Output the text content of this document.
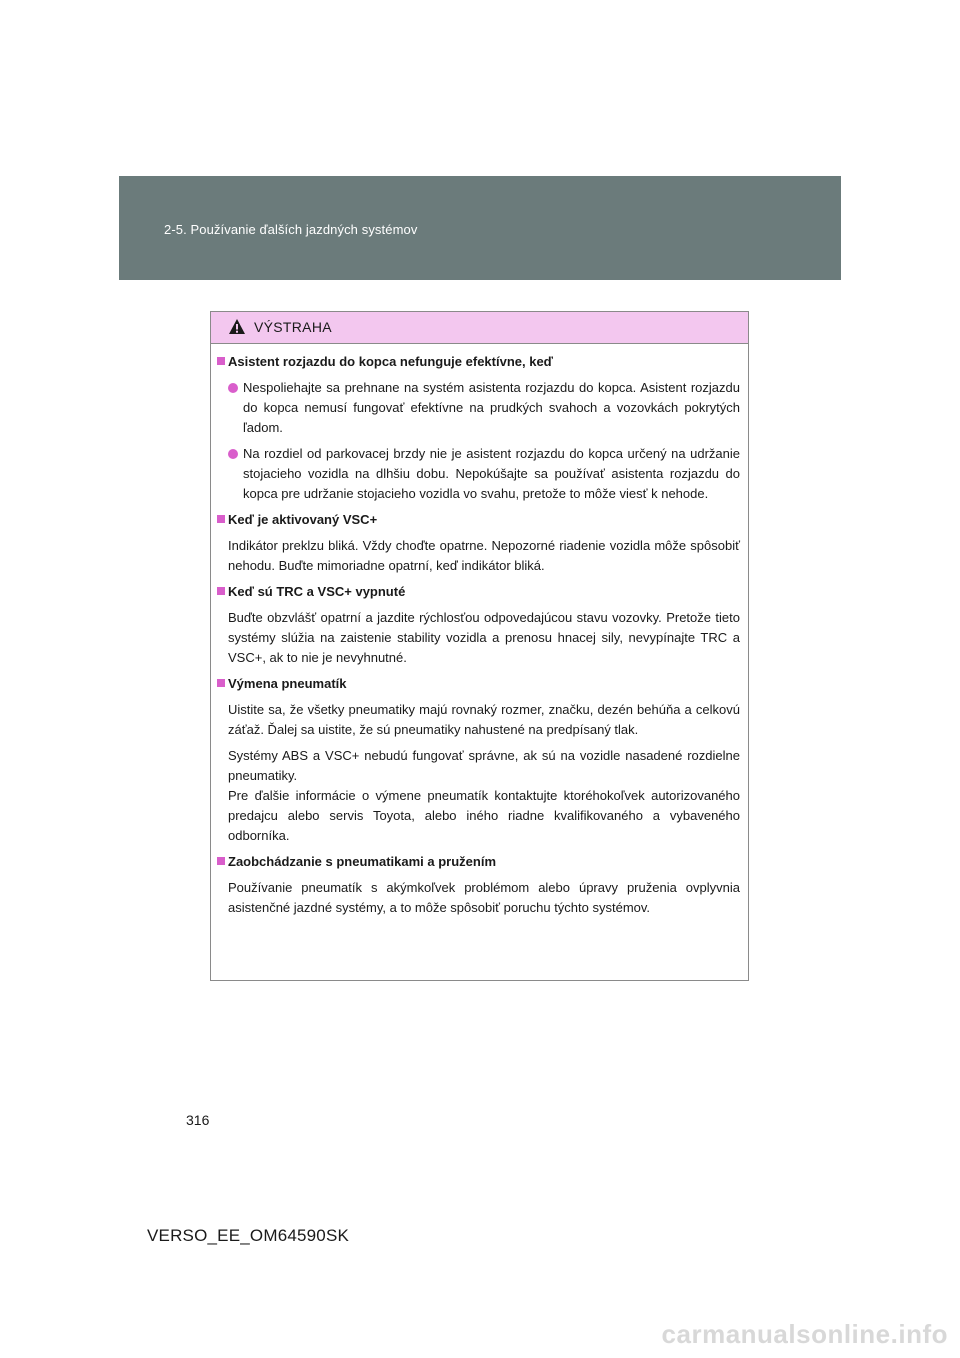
2-5. Používanie ďalších jazdných systémov
VÝSTRAHA
Asistent rozjazdu do kopca nefunguje efektívne, keď
Nespoliehajte sa prehnane na systém asistenta rozjazdu do kopca. Asistent rozjazdu do kopca nemusí fungovať efektívne na prudkých svahoch a vozovkách pokrytých ľadom.
Na rozdiel od parkovacej brzdy nie je asistent rozjazdu do kopca určený na udržanie stojacieho vozidla na dlhšiu dobu. Nepokúšajte sa používať asistenta rozjazdu do kopca pre udržanie stojacieho vozidla vo svahu, pretože to môže viesť k nehode.
Keď je aktivovaný VSC+
Indikátor preklzu bliká. Vždy choďte opatrne. Nepozorné riadenie vozidla môže spôsobiť nehodu. Buďte mimoriadne opatrní, keď indikátor bliká.
Keď sú TRC a VSC+ vypnuté
Buďte obzvlášť opatrní a jazdite rýchlosťou odpovedajúcou stavu vozovky. Pretože tieto systémy slúžia na zaistenie stability vozidla a prenosu hnacej sily, nevypínajte TRC a VSC+, ak to nie je nevyhnutné.
Výmena pneumatík
Uistite sa, že všetky pneumatiky majú rovnaký rozmer, značku, dezén behúňa a celkovú záťaž. Ďalej sa uistite, že sú pneumatiky nahustené na predpísaný tlak.
Systémy ABS a VSC+ nebudú fungovať správne, ak sú na vozidle nasadené rozdielne pneumatiky.
Pre ďalšie informácie o výmene pneumatík kontaktujte ktoréhokoľvek autorizovaného predajcu alebo servis Toyota, alebo iného riadne kvalifikovaného a vybaveného odborníka.
Zaobchádzanie s pneumatikami a pružením
Používanie pneumatík s akýmkoľvek problémom alebo úpravy pruženia ovplyvnia asistenčné jazdné systémy, a to môže spôsobiť poruchu týchto systémov.
316
VERSO_EE_OM64590SK
carmanualsonline.info
